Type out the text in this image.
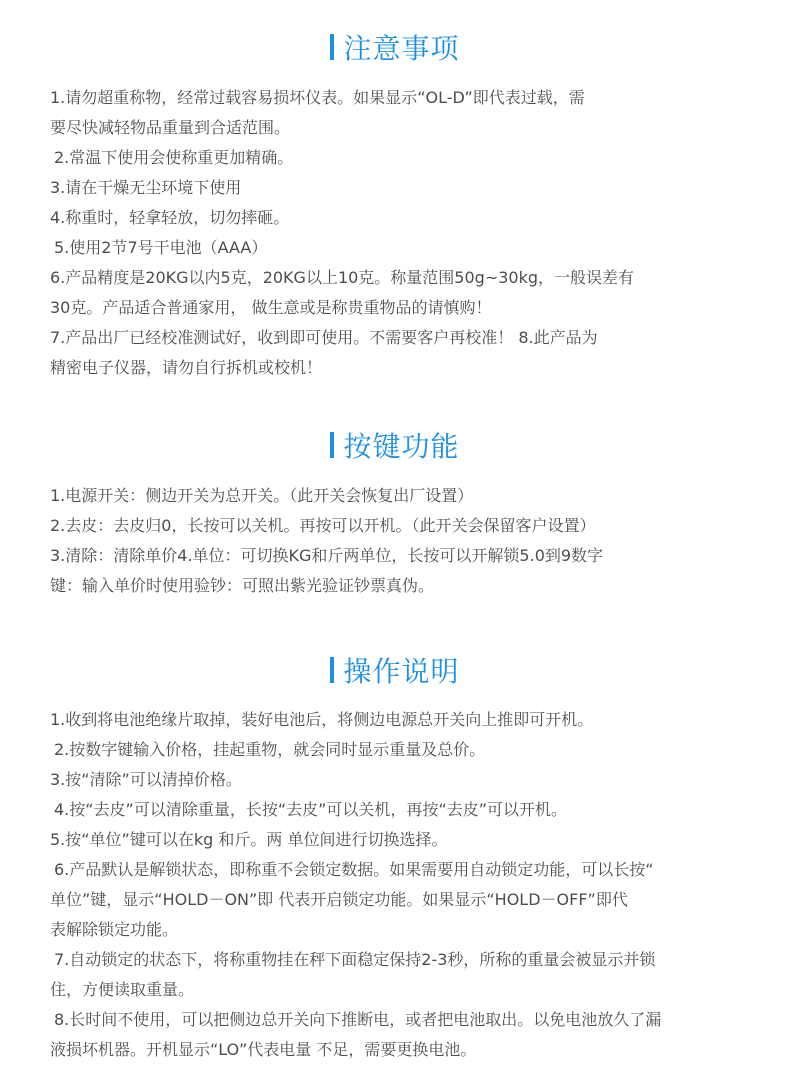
注意事项
1.请勿超重称物，经常过载容易损坏仪表。如果显示“OL-D”即代表过载，需
要尽快减轻物品重量到合适范围。
2.常温下使用会使称重更加精确。
3.请在干燥无尘环境下使用
4.称重时，轻拿轻放，切勿摔砸。
5.使用2节7号干电池（AAA）
6.产品精度是20KG以内5克，20KG以上10克。称量范围50g~30kg，一般误差有
30克。产品适合普通家用， 做生意或是称贵重物品的请慎购！
7.产品出厂已经校准测试好，收到即可使用。不需要客户再校准！ 8.此产品为
精密电子仪器，请勿自行拆机或校机！
按键功能
1.电源开关：侧边开关为总开关。（此开关会恢复出厂设置）
2.去皮：去皮归0，长按可以关机。再按可以开机。（此开关会保留客户设置）
3.清除：清除单价4.单位：可切换KG和斤两单位，长按可以开解锁5.0到9数字
键：输入单价时使用验钞：可照出紫光验证钞票真伪。
操作说明
1.收到将电池绝缘片取掉，装好电池后，将侧边电源总开关向上推即可开机。
2.按数字键输入价格，挂起重物，就会同时显示重量及总价。
3.按“清除”可以清掉价格。
4.按“去皮”可以清除重量，长按“去皮”可以关机，再按“去皮”可以开机。
5.按“单位”键可以在kg 和斤。两 单位间进行切换选择。
6.产品默认是解锁状态，即称重不会锁定数据。如果需要用自动锁定功能，可以长按“
单位”键，显示“HOLD－ON”即 代表开启锁定功能。如果显示“HOLD－OFF”即代
表解除锁定功能。
7.自动锁定的状态下，将称重物挂在秤下面稳定保持2-3秒，所称的重量会被显示并锁
住，方便读取重量。
8.长时间不使用，可以把侧边总开关向下推断电，或者把电池取出。以免电池放久了漏
液损坏机器。开机显示“LO”代表电量 不足，需要更换电池。
